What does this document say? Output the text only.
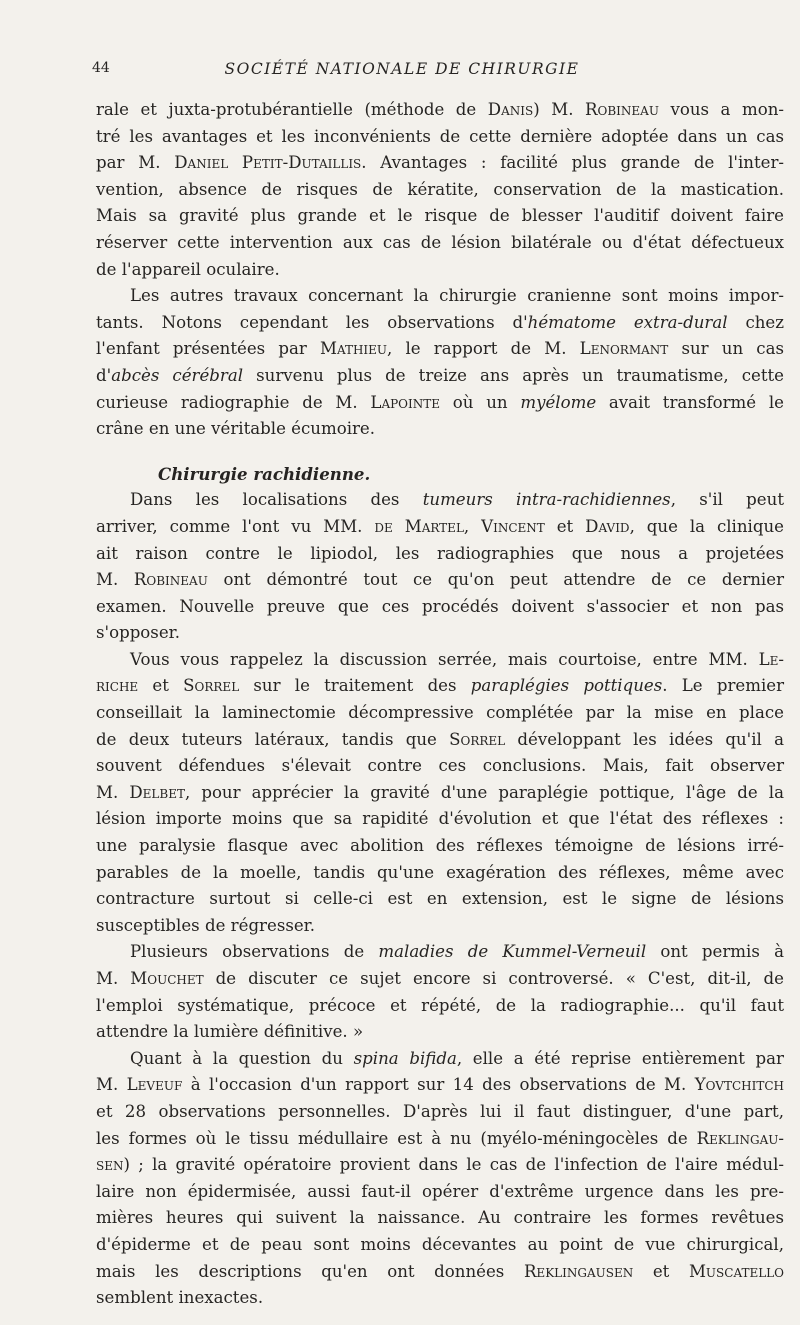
44	SOCIÉTÉ NATIONALE DE CHIRURGIE
rale et juxta-protubérantielle (méthode de Danis) M. Robineau vous a mon-
tré les avantages et les inconvénients de cette dernière adoptée dans un cas
par M. Daniel Petit-Dutaillis. Avantages : facilité plus grande de l'inter-
vention, absence de risques de kératite, conservation de la mastication.
Mais sa gravité plus grande et le risque de blesser l'auditif doivent faire
réserver cette intervention aux cas de lésion bilatérale ou d'état défectueux
de l'appareil oculaire.
Les autres travaux concernant la chirurgie cranienne sont moins impor-
tants. Notons cependant les observations d'hématome extra-dural chez
l'enfant présentées par Mathieu, le rapport de M. Lenormant sur un cas
d'abcès cérébral survenu plus de treize ans après un traumatisme, cette
curieuse radiographie de M. Lapointe où un myélome avait transformé le
crâne en une véritable écumoire.
Chirurgie rachidienne.
Dans les localisations des tumeurs intra-rachidiennes, s'il peut
arriver, comme l'ont vu MM. de Martel, Vincent et David, que la clinique
ait raison contre le lipiodol, les radiographies que nous a projetées
M. Robineau ont démontré tout ce qu'on peut attendre de ce dernier
examen. Nouvelle preuve que ces procédés doivent s'associer et non pas
s'opposer.
Vous vous rappelez la discussion serrée, mais courtoise, entre MM. Le-
riche et Sorrel sur le traitement des paraplégies pottiques. Le premier
conseillait la laminectomie décompressive complétée par la mise en place
de deux tuteurs latéraux, tandis que Sorrel développant les idées qu'il a
souvent défendues s'élevait contre ces conclusions. Mais, fait observer
M. Delbet, pour apprécier la gravité d'une paraplégie pottique, l'âge de la
lésion importe moins que sa rapidité d'évolution et que l'état des réflexes :
une paralysie flasque avec abolition des réflexes témoigne de lésions irré-
parables de la moelle, tandis qu'une exagération des réflexes, même avec
contracture surtout si celle-ci est en extension, est le signe de lésions
susceptibles de régresser.
Plusieurs observations de maladies de Kummel-Verneuil ont permis à
M. Mouchet de discuter ce sujet encore si controversé. « C'est, dit-il, de
l'emploi systématique, précoce et répété, de la radiographie... qu'il faut
attendre la lumière définitive. »
Quant à la question du spina bifida, elle a été reprise entièrement par
M. Leveuf à l'occasion d'un rapport sur 14 des observations de M. Yovtchitch
et 28 observations personnelles. D'après lui il faut distinguer, d'une part,
les formes où le tissu médullaire est à nu (myélo-méningocèles de Reklingau-
sen) ; la gravité opératoire provient dans le cas de l'infection de l'aire médul-
laire non épidermisée, aussi faut-il opérer d'extrême urgence dans les pre-
mières heures qui suivent la naissance. Au contraire les formes revêtues
d'épiderme et de peau sont moins décevantes au point de vue chirurgical,
mais les descriptions qu'en ont données Reklingausen et Muscatello
semblent inexactes.
